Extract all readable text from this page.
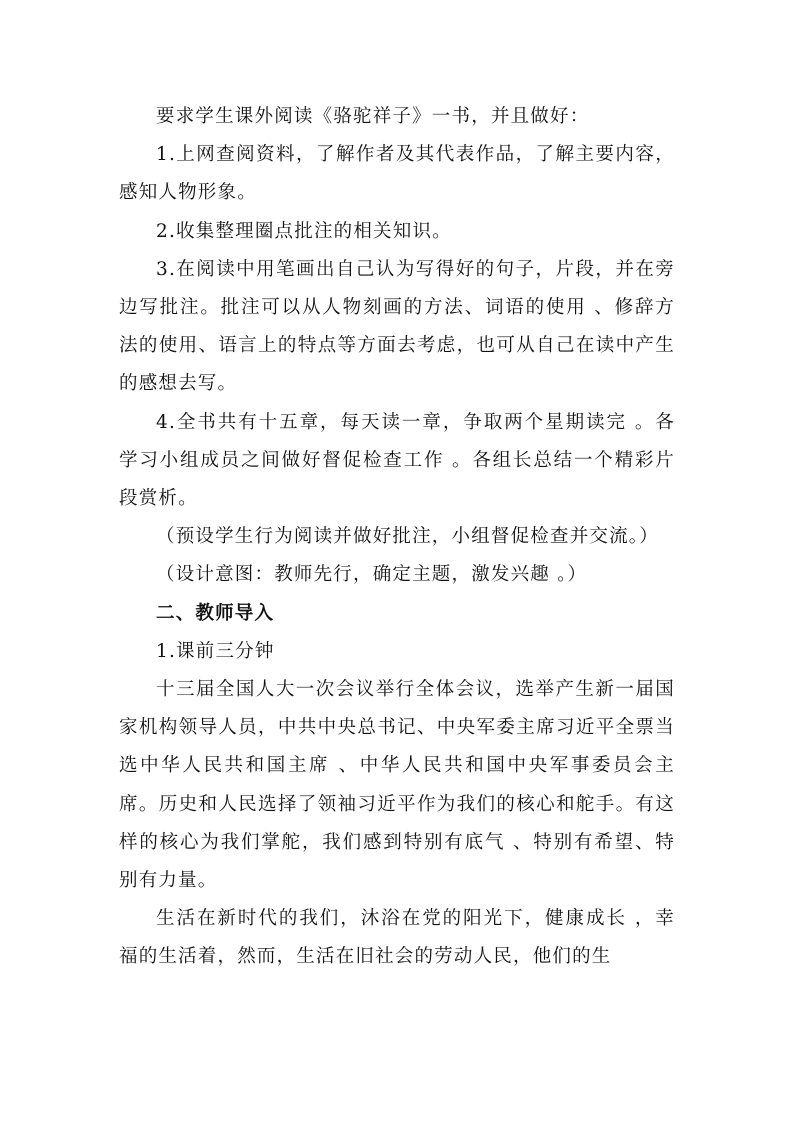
要求学生课外阅读《骆驼祥子》一书，并且做好：

1.上网查阅资料，了解作者及其代表作品，了解主要内容，感知人物形象。

2.收集整理圈点批注的相关知识。

3.在阅读中用笔画出自己认为写得好的句子，片段，并在旁边写批注。批注可以从人物刻画的方法、词语的使用 、修辞方法的使用、语言上的特点等方面去考虑，也可从自己在读中产生的感想去写。

4.全书共有十五章，每天读一章，争取两个星期读完 。各学习小组成员之间做好督促检查工作 。各组长总结一个精彩片段赏析。

（预设学生行为阅读并做好批注，小组督促检查并交流。）

（设计意图：教师先行，确定主题，激发兴趣 。）

二、教师导入

1.课前三分钟

十三届全国人大一次会议举行全体会议，选举产生新一届国家机构领导人员，中共中央总书记、中央军委主席习近平全票当选中华人民共和国主席 、中华人民共和国中央军事委员会主席。历史和人民选择了领袖习近平作为我们的核心和舵手。有这样的核心为我们掌舵，我们感到特别有底气 、特别有希望、特别有力量。

生活在新时代的我们，沐浴在党的阳光下，健康成长 ，幸福的生活着，然而，生活在旧社会的劳动人民，他们的生
